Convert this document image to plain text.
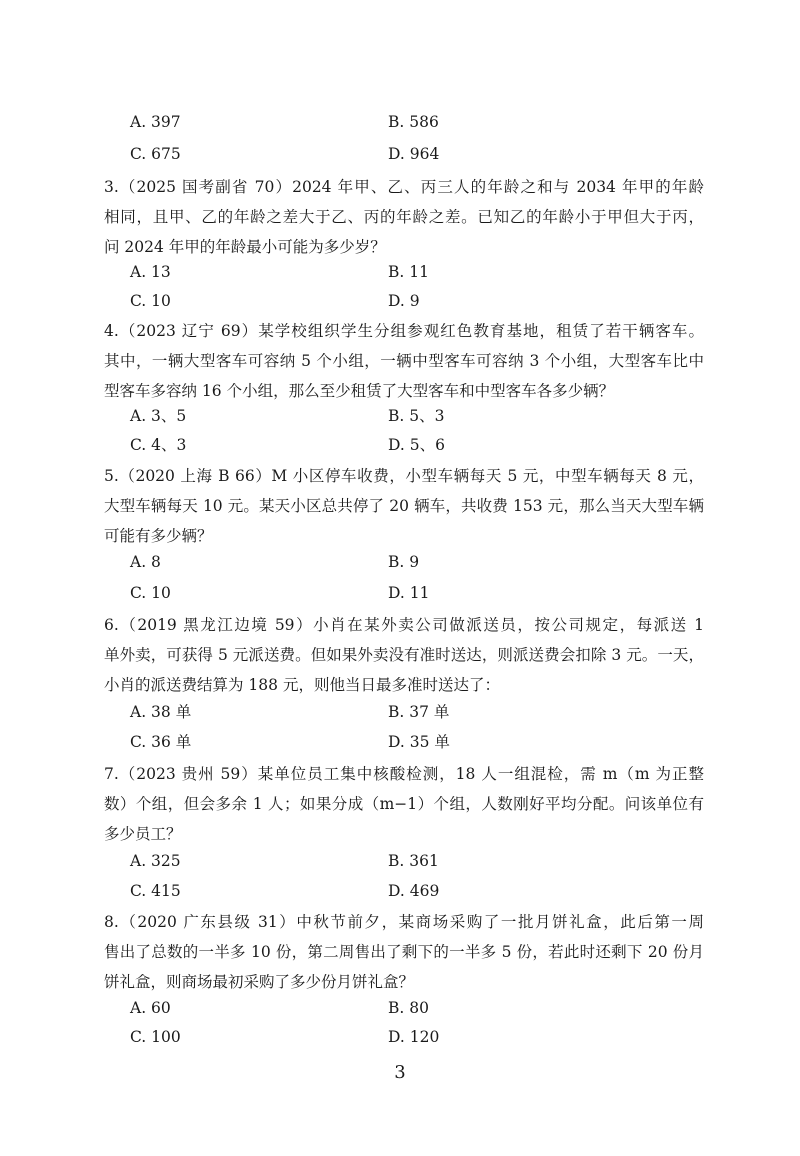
A. 397	B. 586
C. 675	D. 964
3.（2025 国考副省 70）2024 年甲、乙、丙三人的年龄之和与 2034 年甲的年龄
相同，且甲、乙的年龄之差大于乙、丙的年龄之差。已知乙的年龄小于甲但大于丙，
问 2024 年甲的年龄最小可能为多少岁？
A. 13	B. 11
C. 10	D. 9
4.（2023 辽宁 69）某学校组织学生分组参观红色教育基地，租赁了若干辆客车。
其中，一辆大型客车可容纳 5 个小组，一辆中型客车可容纳 3 个小组，大型客车比中
型客车多容纳 16 个小组，那么至少租赁了大型客车和中型客车各多少辆？
A. 3、5	B. 5、3
C. 4、3	D. 5、6
5.（2020 上海 B 66）M 小区停车收费，小型车辆每天 5 元，中型车辆每天 8 元，
大型车辆每天 10 元。某天小区总共停了 20 辆车，共收费 153 元，那么当天大型车辆
可能有多少辆？
A. 8	B. 9
C. 10	D. 11
6.（2019 黑龙江边境 59）小肖在某外卖公司做派送员，按公司规定，每派送 1
单外卖，可获得 5 元派送费。但如果外卖没有准时送达，则派送费会扣除 3 元。一天，
小肖的派送费结算为 188 元，则他当日最多准时送达了：
A. 38 单	B. 37 单
C. 36 单	D. 35 单
7.（2023 贵州 59）某单位员工集中核酸检测，18 人一组混检，需 m（m 为正整
数）个组，但会多余 1 人；如果分成（m−1）个组，人数刚好平均分配。问该单位有
多少员工？
A. 325	B. 361
C. 415	D. 469
8.（2020 广东县级 31）中秋节前夕，某商场采购了一批月饼礼盒，此后第一周
售出了总数的一半多 10 份，第二周售出了剩下的一半多 5 份，若此时还剩下 20 份月
饼礼盒，则商场最初采购了多少份月饼礼盒？
A. 60	B. 80
C. 100	D. 120
3
